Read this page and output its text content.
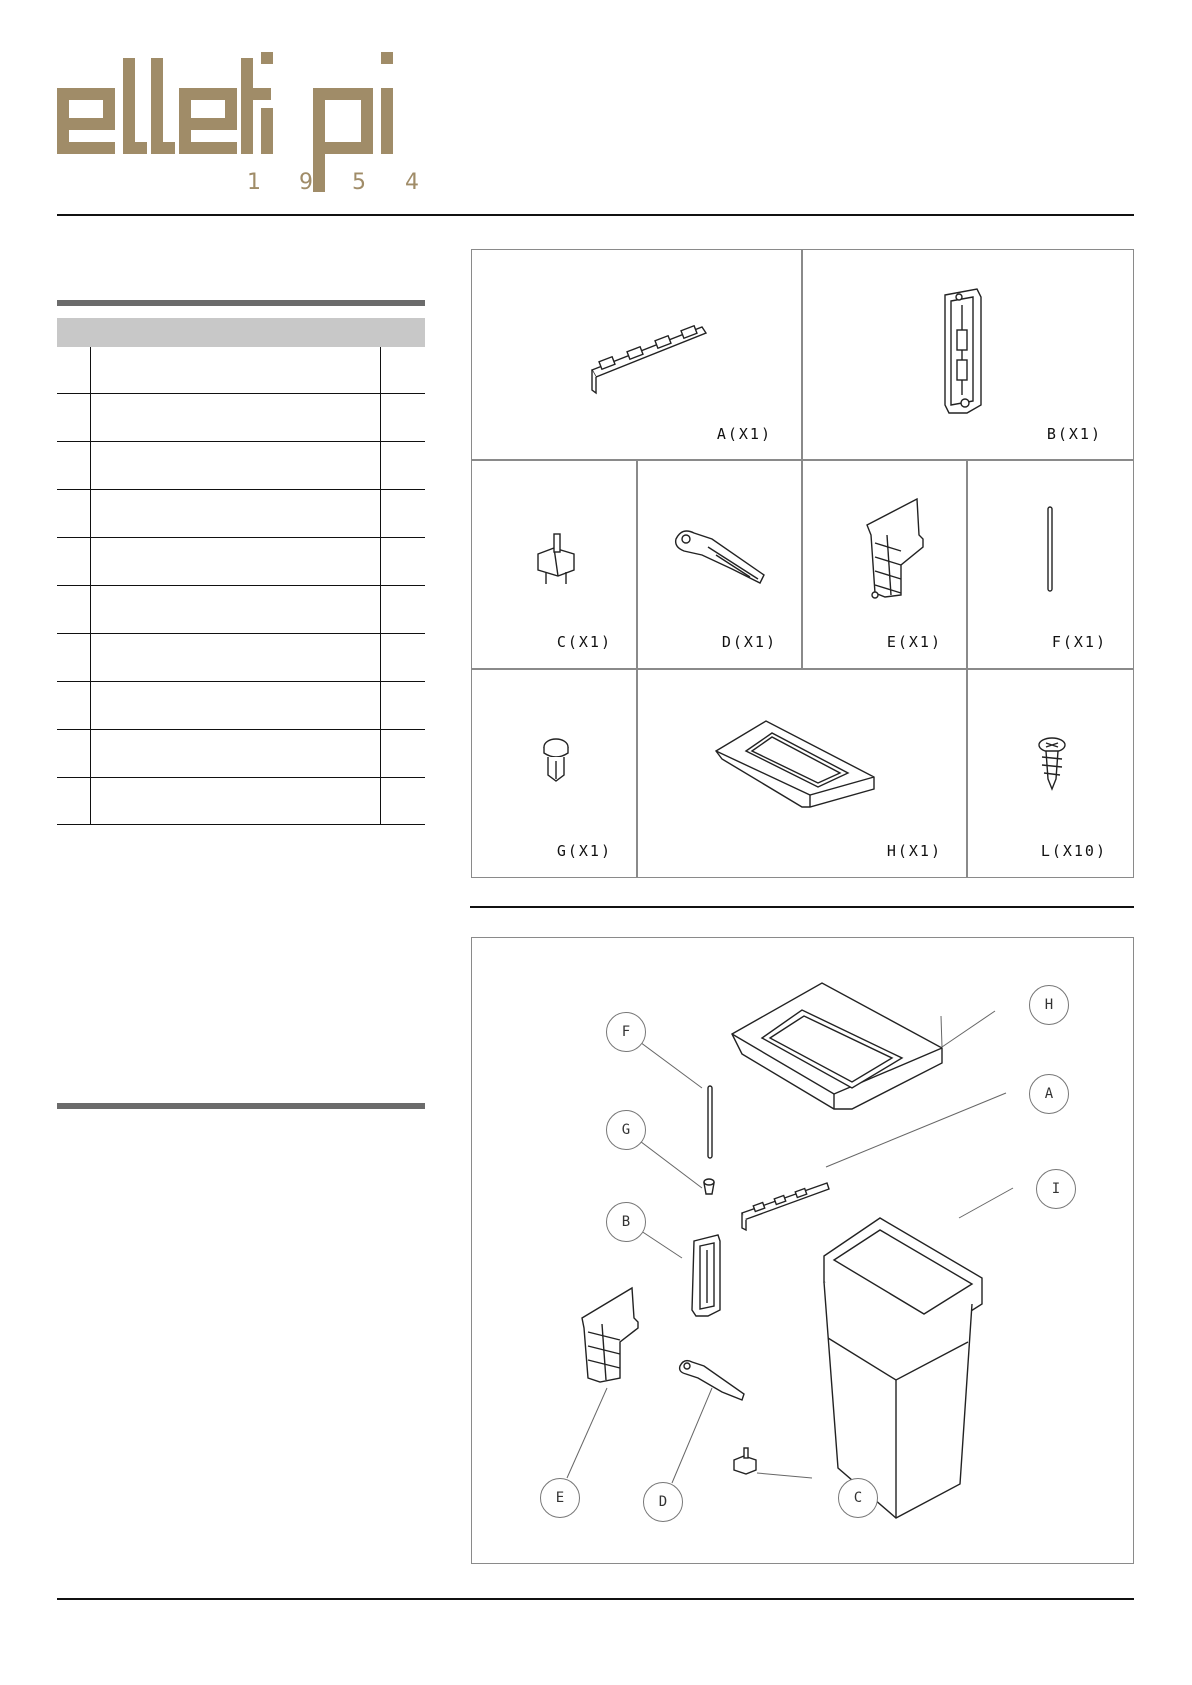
1 9 5 4
A(X1)	B(X1)
C(X1)	D(X1)	E(X1)	F(X1)
G(X1)	H(X1)	L(X10)
H
F
A
G
I
B
E	D	C
